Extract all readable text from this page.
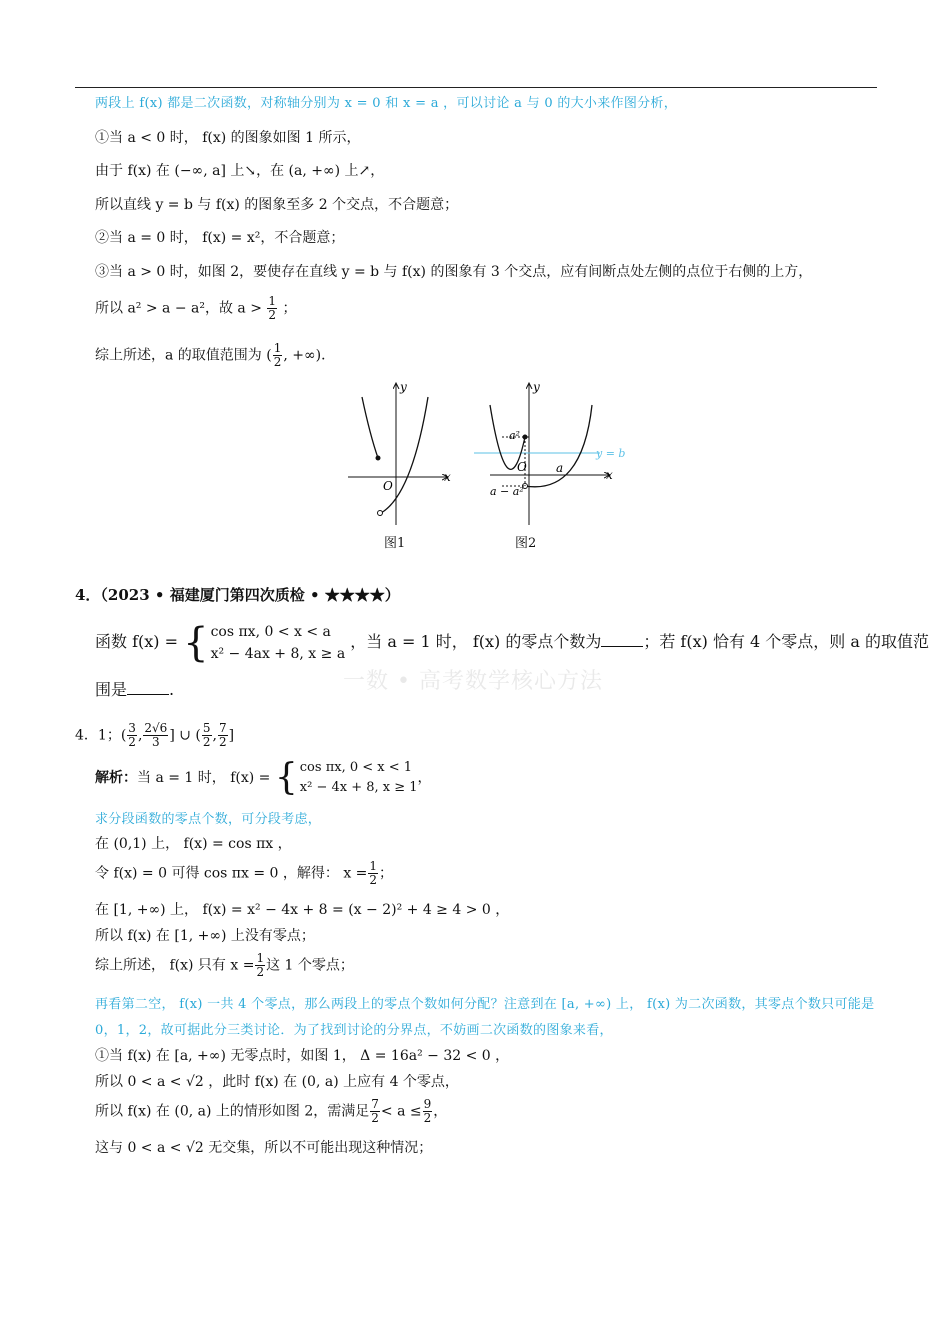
两段上 f(x) 都是二次函数，对称轴分别为 x = 0 和 x = a ，可以讨论 a 与 0 的大小来作图分析，
①当 a < 0 时， f(x) 的图象如图 1 所示，
由于 f(x) 在 (−∞, a] 上↘，在 (a, +∞) 上↗，
所以直线 y = b 与 f(x) 的图象至多 2 个交点，不合题意；
②当 a = 0 时， f(x) = x²，不合题意；
③当 a > 0 时，如图 2，要使存在直线 y = b 与 f(x) 的图象有 3 个交点，应有间断点处左侧的点位于右侧的上方，
所以 a² > a − a²，故 $a > \frac{1}{2}$ ；
综上所述，a 的取值范围为 ( $\frac{1}{2}$ , +∞)．
x
y
O
图1
x
y
O
a²
a
a − a²
y = b
图2
4．（2023 • 福建厦门第四次质检 • ★★★★）
函数 f(x) = { cos πx, 0 < x < a
x² − 4ax + 8, x ≥ a
，当 a = 1 时， f(x) 的零点个数为	；若 f(x) 恰有 4 个零点，则 a 的取值范
一数 • 高考数学核心方法
围是	.
4．1；( $\frac{3}{2}$ , $\frac{2√6}{3}$ ] ∪ ( $\frac{5}{2}$ , $\frac{7}{2}$ ]
解析：当 a = 1 时， f(x) = { cos πx, 0 < x < 1
x² − 4x + 8, x ≥ 1
，
求分段函数的零点个数，可分段考虑，
在 (0,1) 上， f(x) = cos πx ，
令 f(x) = 0 可得 cos πx = 0 ，解得： $x = \frac{1}{2}$ ；
在 [1, +∞) 上， f(x) = x² − 4x + 8 = (x − 2)² + 4 ≥ 4 > 0 ，
所以 f(x) 在 [1, +∞) 上没有零点；
综上所述， f(x) 只有 $x = \frac{1}{2}$ 这 1 个零点；
再看第二空， f(x) 一共 4 个零点，那么两段上的零点个数如何分配？注意到在 [a, +∞) 上， f(x) 为二次函数，其零点个数只可能是 0，1，2，故可据此分三类讨论．为了找到讨论的分界点，不妨画二次函数的图象来看，
①当 f(x) 在 [a, +∞) 无零点时，如图 1， Δ = 16a² − 32 < 0 ，
所以 0 < a < √2 ，此时 f(x) 在 (0, a) 上应有 4 个零点，
所以 f(x) 在 (0, a) 上的情形如图 2，需满足 $\frac{7}{2} < a \le \frac{9}{2}$ ，
这与 0 < a < √2 无交集，所以不可能出现这种情况；
